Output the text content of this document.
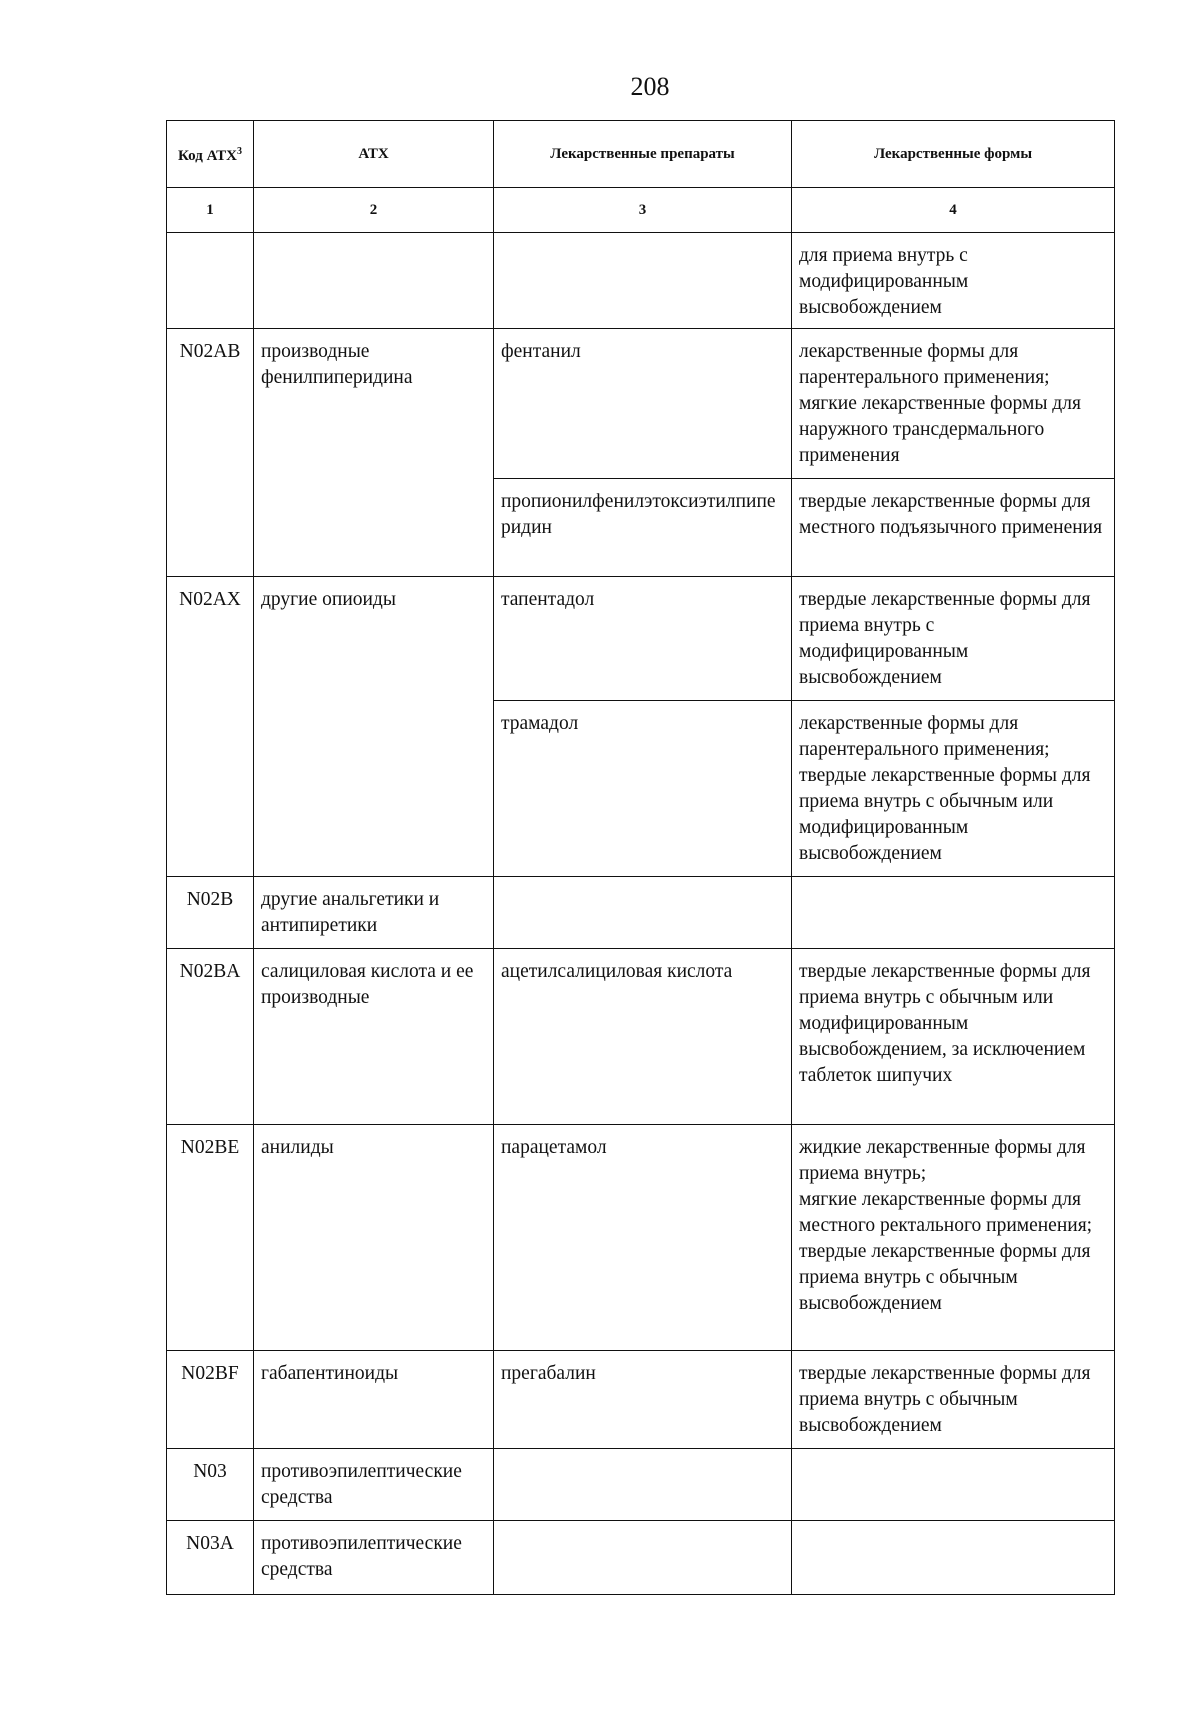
208
Код АТХ$^3$	АТХ	Лекарственные препараты	Лекарственные формы
1	2	3	4

			для приема внутрь с модифицированным высвобождением

N02AB	производные фенилпиперидина	фентанил	лекарственные формы для парентерального применения;
мягкие лекарственные формы для наружного трансдермального применения

		пропионилфенилэтоксиэтилпиперидин	твердые лекарственные формы для местного подъязычного применения

N02AX	другие опиоиды	тапентадол	твердые лекарственные формы для приема внутрь с модифицированным высвобождением

		трамадол	лекарственные формы для парентерального применения;
твердые лекарственные формы для приема внутрь с обычным или модифицированным высвобождением

N02B	другие анальгетики и антипиретики		
N02BA	салициловая кислота и ее производные	ацетилсалициловая кислота	твердые лекарственные формы для приема внутрь с обычным или модифицированным высвобождением, за исключением таблеток шипучих

N02BE	анилиды	парацетамол	жидкие лекарственные формы для приема внутрь;
мягкие лекарственные формы для местного ректального применения;
твердые лекарственные формы для приема внутрь с обычным высвобождением

N02BF	габапентиноиды	прегабалин	твердые лекарственные формы для приема внутрь с обычным высвобождением

N03	противоэпилептические средства		
N03A	противоэпилептические средства		
